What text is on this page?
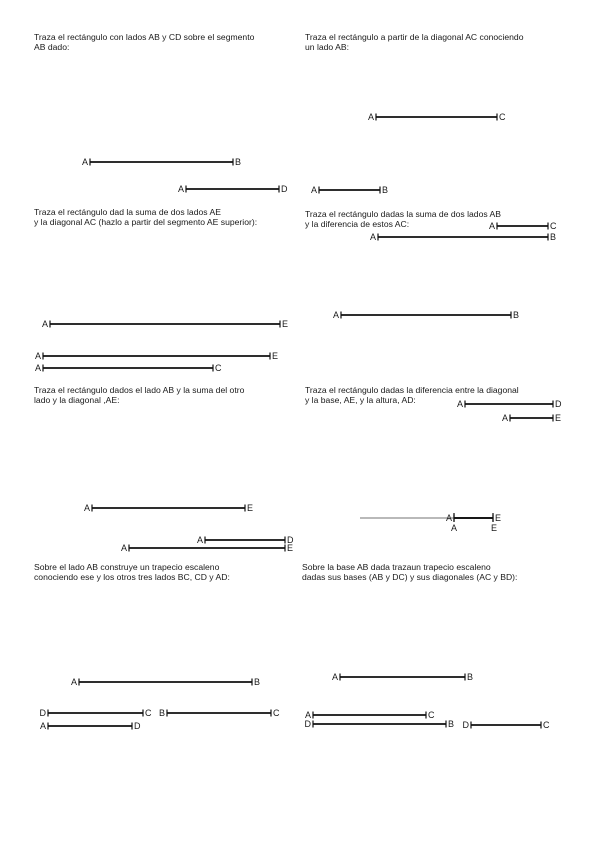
Traza el rectángulo con lados AB y CD sobre el segmento
AB dado:

Traza el rectángulo a partir de la diagonal AC conociendo
un lado AB:

Traza el rectángulo dad la suma de dos lados AE
y la diagonal AC (hazlo a partir del segmento AE superior):

Traza el rectángulo dadas la suma de dos lados AB
y la diferencia de estos AC:

Traza el rectángulo dados el lado AB y la suma del otro
lado y la diagonal ,AE:

Traza el rectángulo dadas la diferencia entre la diagonal
y la base, AE, y la altura, AD:

Sobre el lado AB construye un trapecio escaleno
conociendo ese y los otros tres lados BC, CD y AD:

Sobre la base AB dada trazaun trapecio escaleno
dadas sus bases (AB y DC) y sus diagonales (AC y BD):

A	B
A	D
A	C
A	B
A	E
A	E
A	C
A	C
A	B
A	B
A	E
A	D
A	E
A	D
A	E
A	E
A	B
D	C B	C
A	D
A	B
A	C
D	B D	C
A	E
